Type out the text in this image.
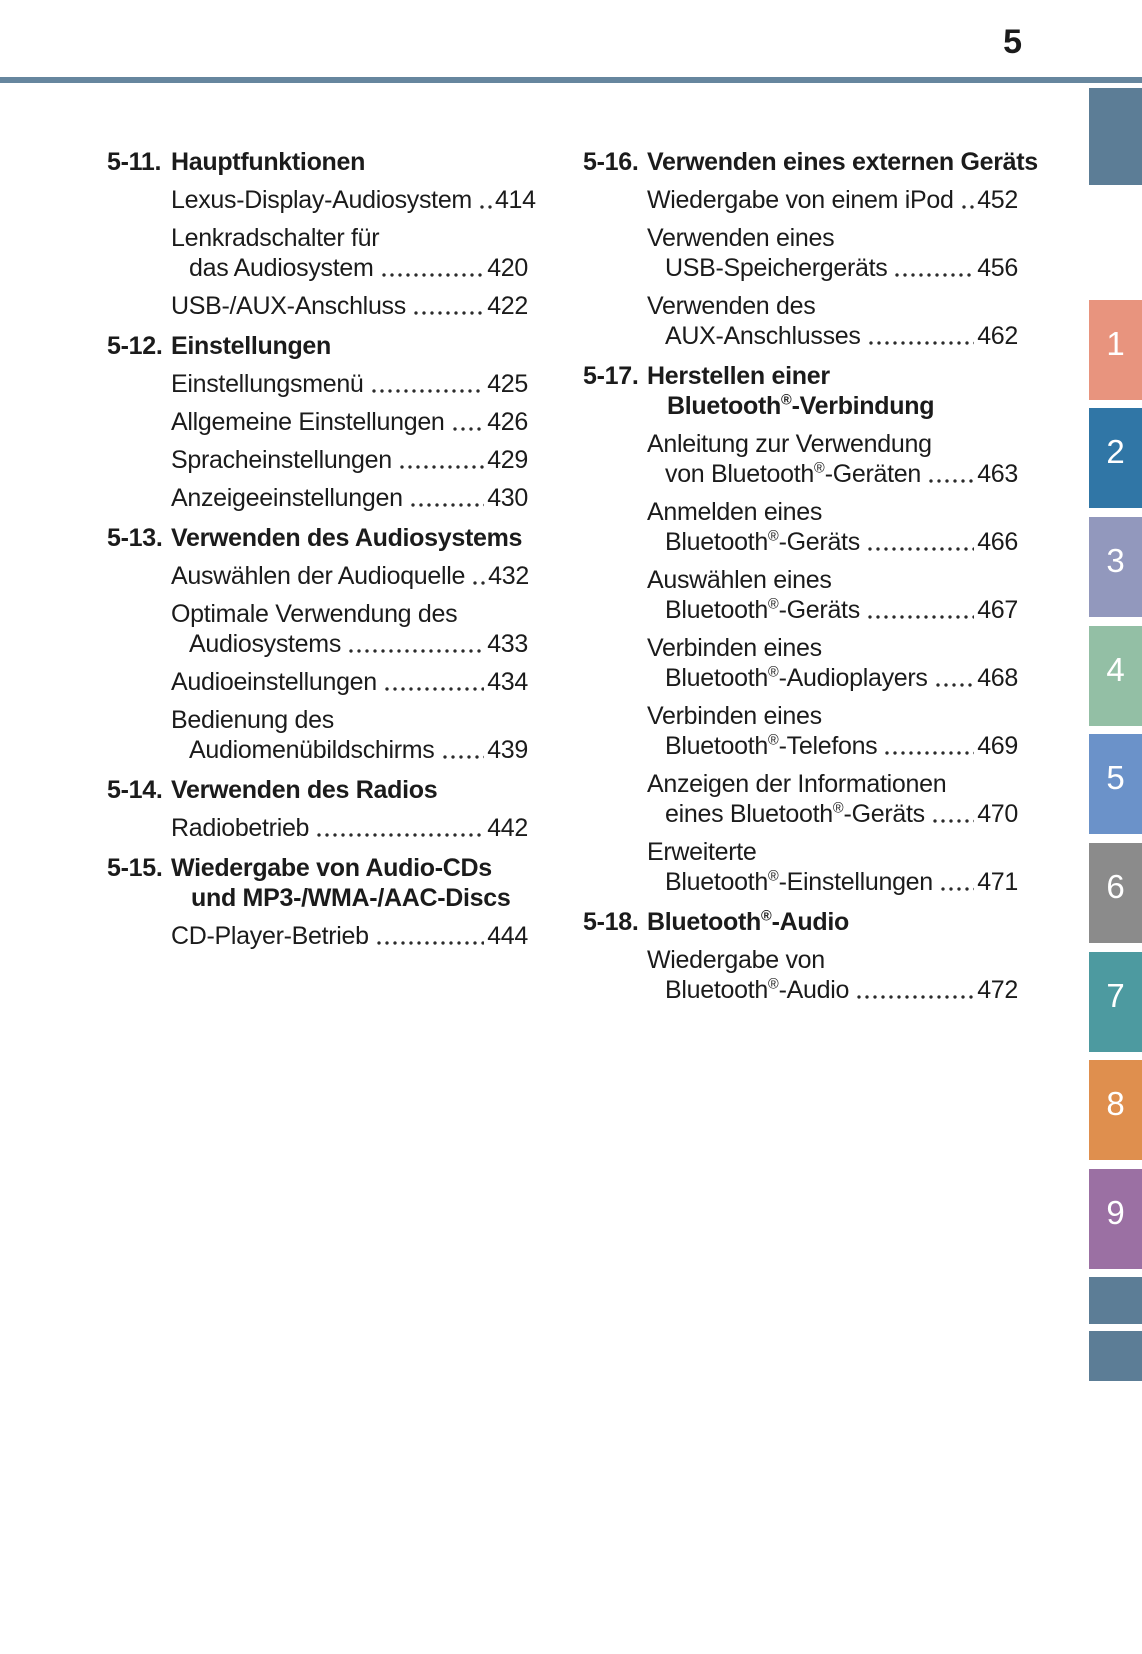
5
5-11. Hauptfunktionen
Lexus-Display-Audiosystem 414
Lenkradschalter für
das Audiosystem	420
USB-/AUX-Anschluss	422
5-12. Einstellungen
Einstellungsmenü	425
Allgemeine Einstellungen 426
Spracheinstellungen	429
Anzeigeeinstellungen	430
5-13. Verwenden des Audiosystems
Auswählen der Audioquelle 432
Optimale Verwendung des
Audiosystems	433
Audioeinstellungen	434
Bedienung des
Audiomenübildschirms 439
5-14. Verwenden des Radios
Radiobetrieb	442
5-15. Wiedergabe von Audio-CDs
und MP3-/WMA-/AAC-Discs
CD-Player-Betrieb	444
5-16. Verwenden eines externen Geräts
Wiedergabe von einem iPod 452
Verwenden eines
USB-Speichergeräts	456
Verwenden des
AUX-Anschlusses	462
5-17. Herstellen einer
Bluetooth®-Verbindung
Anleitung zur Verwendung
von Bluetooth®-Geräten 463
Anmelden eines
Bluetooth®-Geräts	466
Auswählen eines
Bluetooth®-Geräts	467
Verbinden eines
Bluetooth®-Audioplayers 468
Verbinden eines
Bluetooth®-Telefons	469
Anzeigen der Informationen
eines Bluetooth®-Geräts 470
Erweiterte
Bluetooth®-Einstellungen 471
5-18. Bluetooth®-Audio
Wiedergabe von
Bluetooth®-Audio	472
1
2
3
4
5
6
7
8
9
